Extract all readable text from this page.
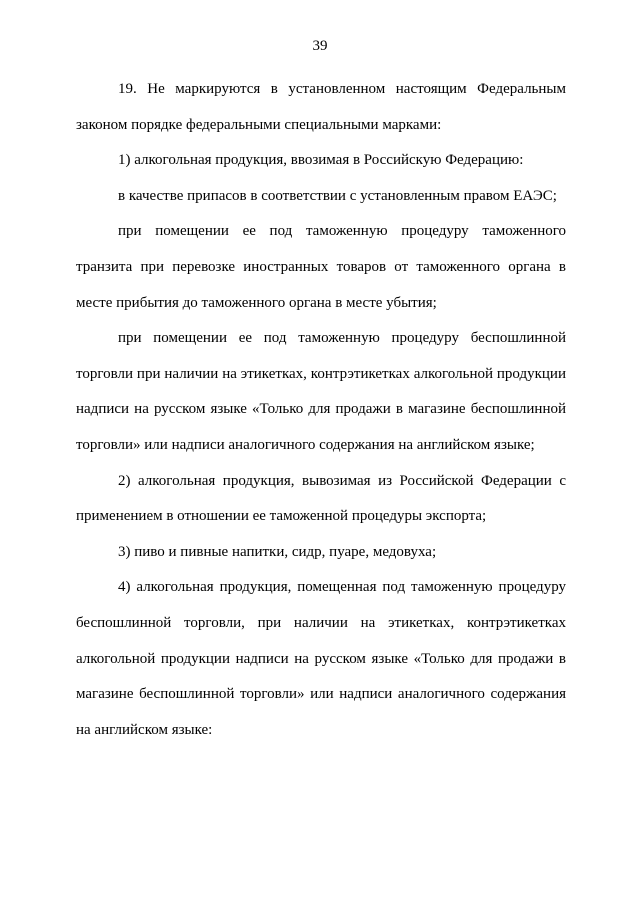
39

19. Не маркируются в установленном настоящим Федеральным законом порядке федеральными специальными марками:

1) алкогольная продукция, ввозимая в Российскую Федерацию:

в качестве припасов в соответствии с установленным правом ЕАЭС;

при помещении ее под таможенную процедуру таможенного транзита при перевозке иностранных товаров от таможенного органа в месте прибытия до таможенного органа в месте убытия;

при помещении ее под таможенную процедуру беспошлинной торговли при наличии на этикетках, контрэтикетках алкогольной продукции надписи на русском языке «Только для продажи в магазине беспошлинной торговли» или надписи аналогичного содержания на английском языке;

2) алкогольная продукция, вывозимая из Российской Федерации с применением в отношении ее таможенной процедуры экспорта;

3) пиво и пивные напитки, сидр, пуаре, медовуха;

4) алкогольная продукция, помещенная под таможенную процедуру беспошлинной торговли, при наличии на этикетках, контрэтикетках алкогольной продукции надписи на русском языке «Только для продажи в магазине беспошлинной торговли» или надписи аналогичного содержания на английском языке:
